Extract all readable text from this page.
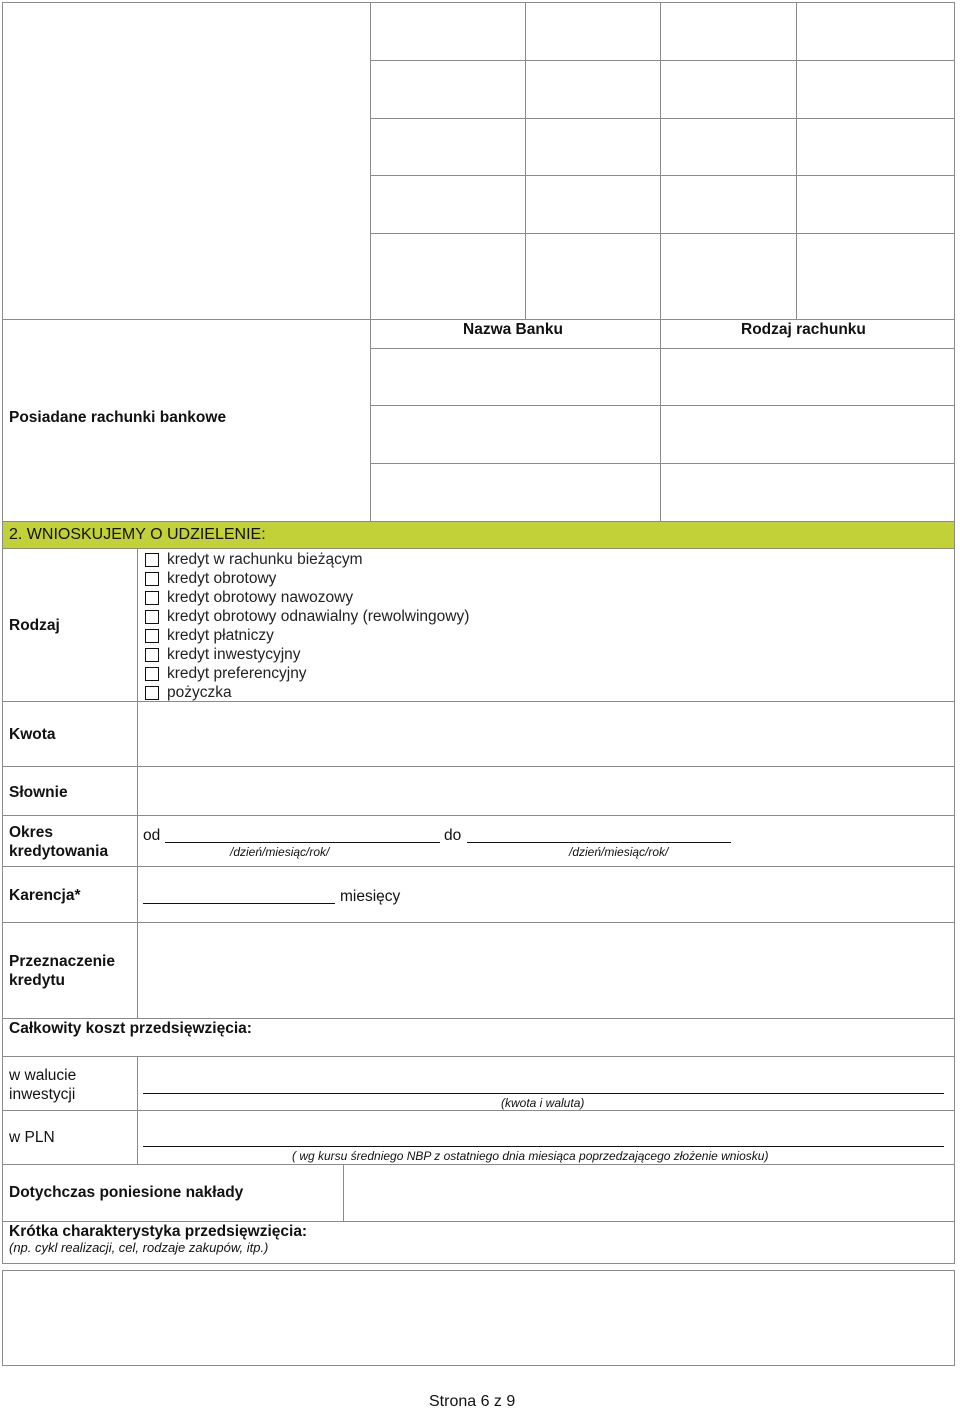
Nazwa Banku	Rodzaj rachunku
Posiadane rachunki bankowe
2. WNIOSKUJEMY O UDZIELENIE:
Rodzaj
kredyt w rachunku bieżącym
kredyt obrotowy
kredyt obrotowy nawozowy
kredyt obrotowy odnawialny (rewolwingowy)
kredyt płatniczy
kredyt inwestycyjny
kredyt preferencyjny
pożyczka
Kwota
Słownie
Okres
kredytowania
od
/dzień/miesiąc/rok/
do
/dzień/miesiąc/rok/
Karencja*	miesięcy
Przeznaczenie
kredytu
Całkowity koszt przedsięwzięcia:
w walucie
inwestycji	(kwota i waluta)
w PLN
( wg kursu średniego NBP z ostatniego dnia miesiąca poprzedzającego złożenie wniosku)
Dotychczas poniesione nakłady
Krótka charakterystyka przedsięwzięcia:
(np. cykl realizacji, cel, rodzaje zakupów, itp.)
Strona 6 z 9
